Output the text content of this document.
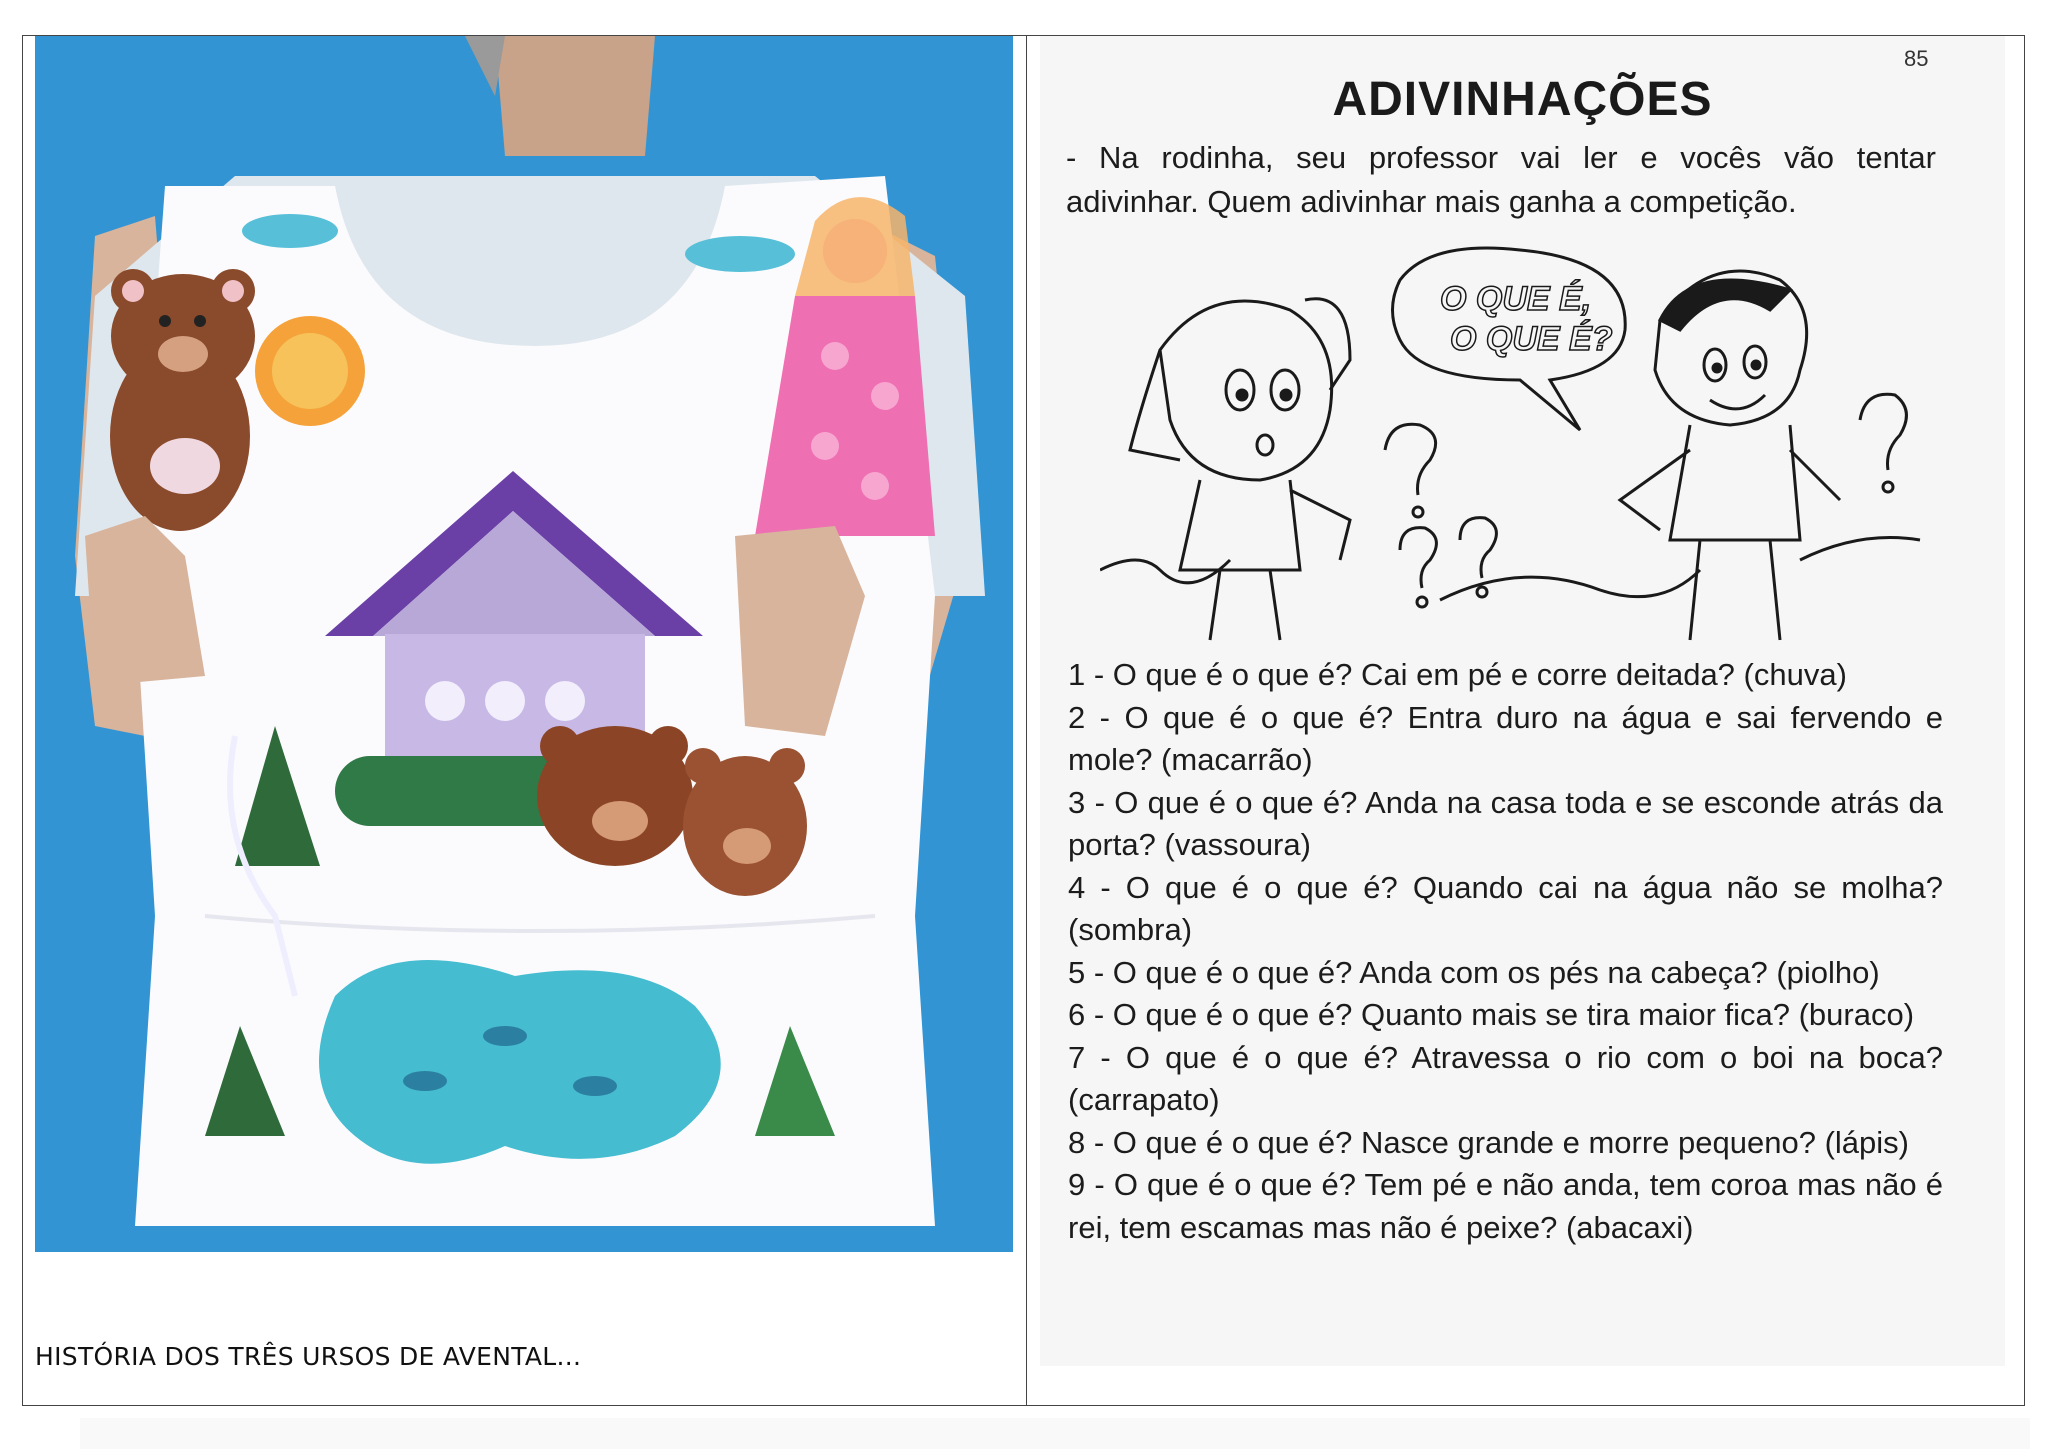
HISTÓRIA DOS TRÊS URSOS DE AVENTAL...
85
ADIVINHAÇÕES
- Na rodinha, seu professor vai ler e vocês vão tentar adivinhar. Quem adivinhar mais ganha a competição.
O QUE É,
O QUE É?
1 - O que é o que é? Cai em pé e corre deitada? (chuva)
2 - O que é o que é? Entra duro na água e sai fervendo e mole? (macarrão)
3 - O que é o que é? Anda na casa toda e se esconde atrás da porta? (vassoura)
4 - O que é o que é? Quando cai na água não se molha? (sombra)
5 - O que é o que é? Anda com os pés na cabeça? (piolho)
6 - O que é o que é? Quanto mais se tira maior fica? (buraco)
7 - O que é o que é? Atravessa o rio com o boi na boca? (carrapato)
8 - O que é o que é? Nasce grande e morre pequeno? (lápis)
9 - O que é o que é? Tem pé e não anda, tem coroa mas não é rei, tem escamas mas não é peixe? (abacaxi)
